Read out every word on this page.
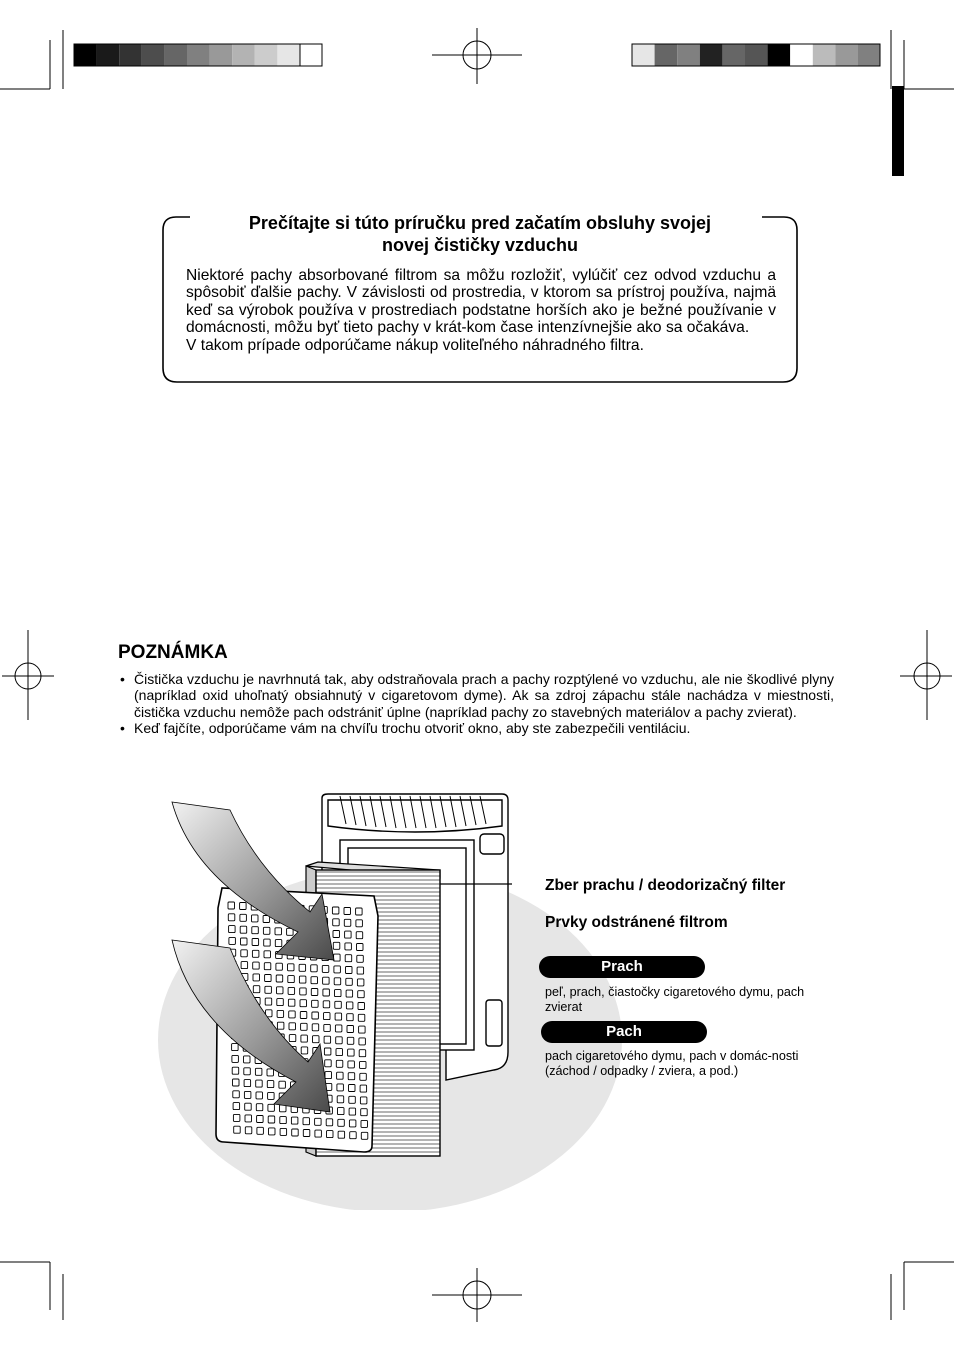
Prečítajte si túto príručku pred začatím obsluhy svojej
novej čističky vzduchu

Niektoré pachy absorbované filtrom sa môžu rozložiť, vylúčiť cez odvod vzduchu a spôsobiť ďalšie pachy. V závislosti od prostredia, v ktorom sa prístroj používa, najmä keď sa výrobok používa v prostrediach podstatne horších ako je bežné používanie v domácnosti, môžu byť tieto pachy v krát-kom čase intenzívnejšie ako sa očakáva.

V takom prípade odporúčame nákup voliteľného náhradného filtra.

POZNÁMKA
• Čistička vzduchu je navrhnutá tak, aby odstraňovala prach a pachy rozptýlené vo vzduchu, ale nie škodlivé plyny (napríklad oxid uhoľnatý obsiahnutý v cigaretovom dyme). Ak sa zdroj zápachu stále nachádza v miestnosti, čistička vzduchu nemôže pach odstrániť úplne (napríklad pachy zo stavebných materiálov a pachy zvierat).
• Keď fajčíte, odporúčame vám na chvíľu trochu otvoriť okno, aby ste zabezpečili ventiláciu.
Zber prachu / deodorizačný filter
Prvky odstránené filtrom
Prach
peľ, prach, čiastočky cigaretového dymu, pach zvierat
Pach
pach cigaretového dymu, pach v domác-nosti (záchod / odpadky / zviera, a pod.)
